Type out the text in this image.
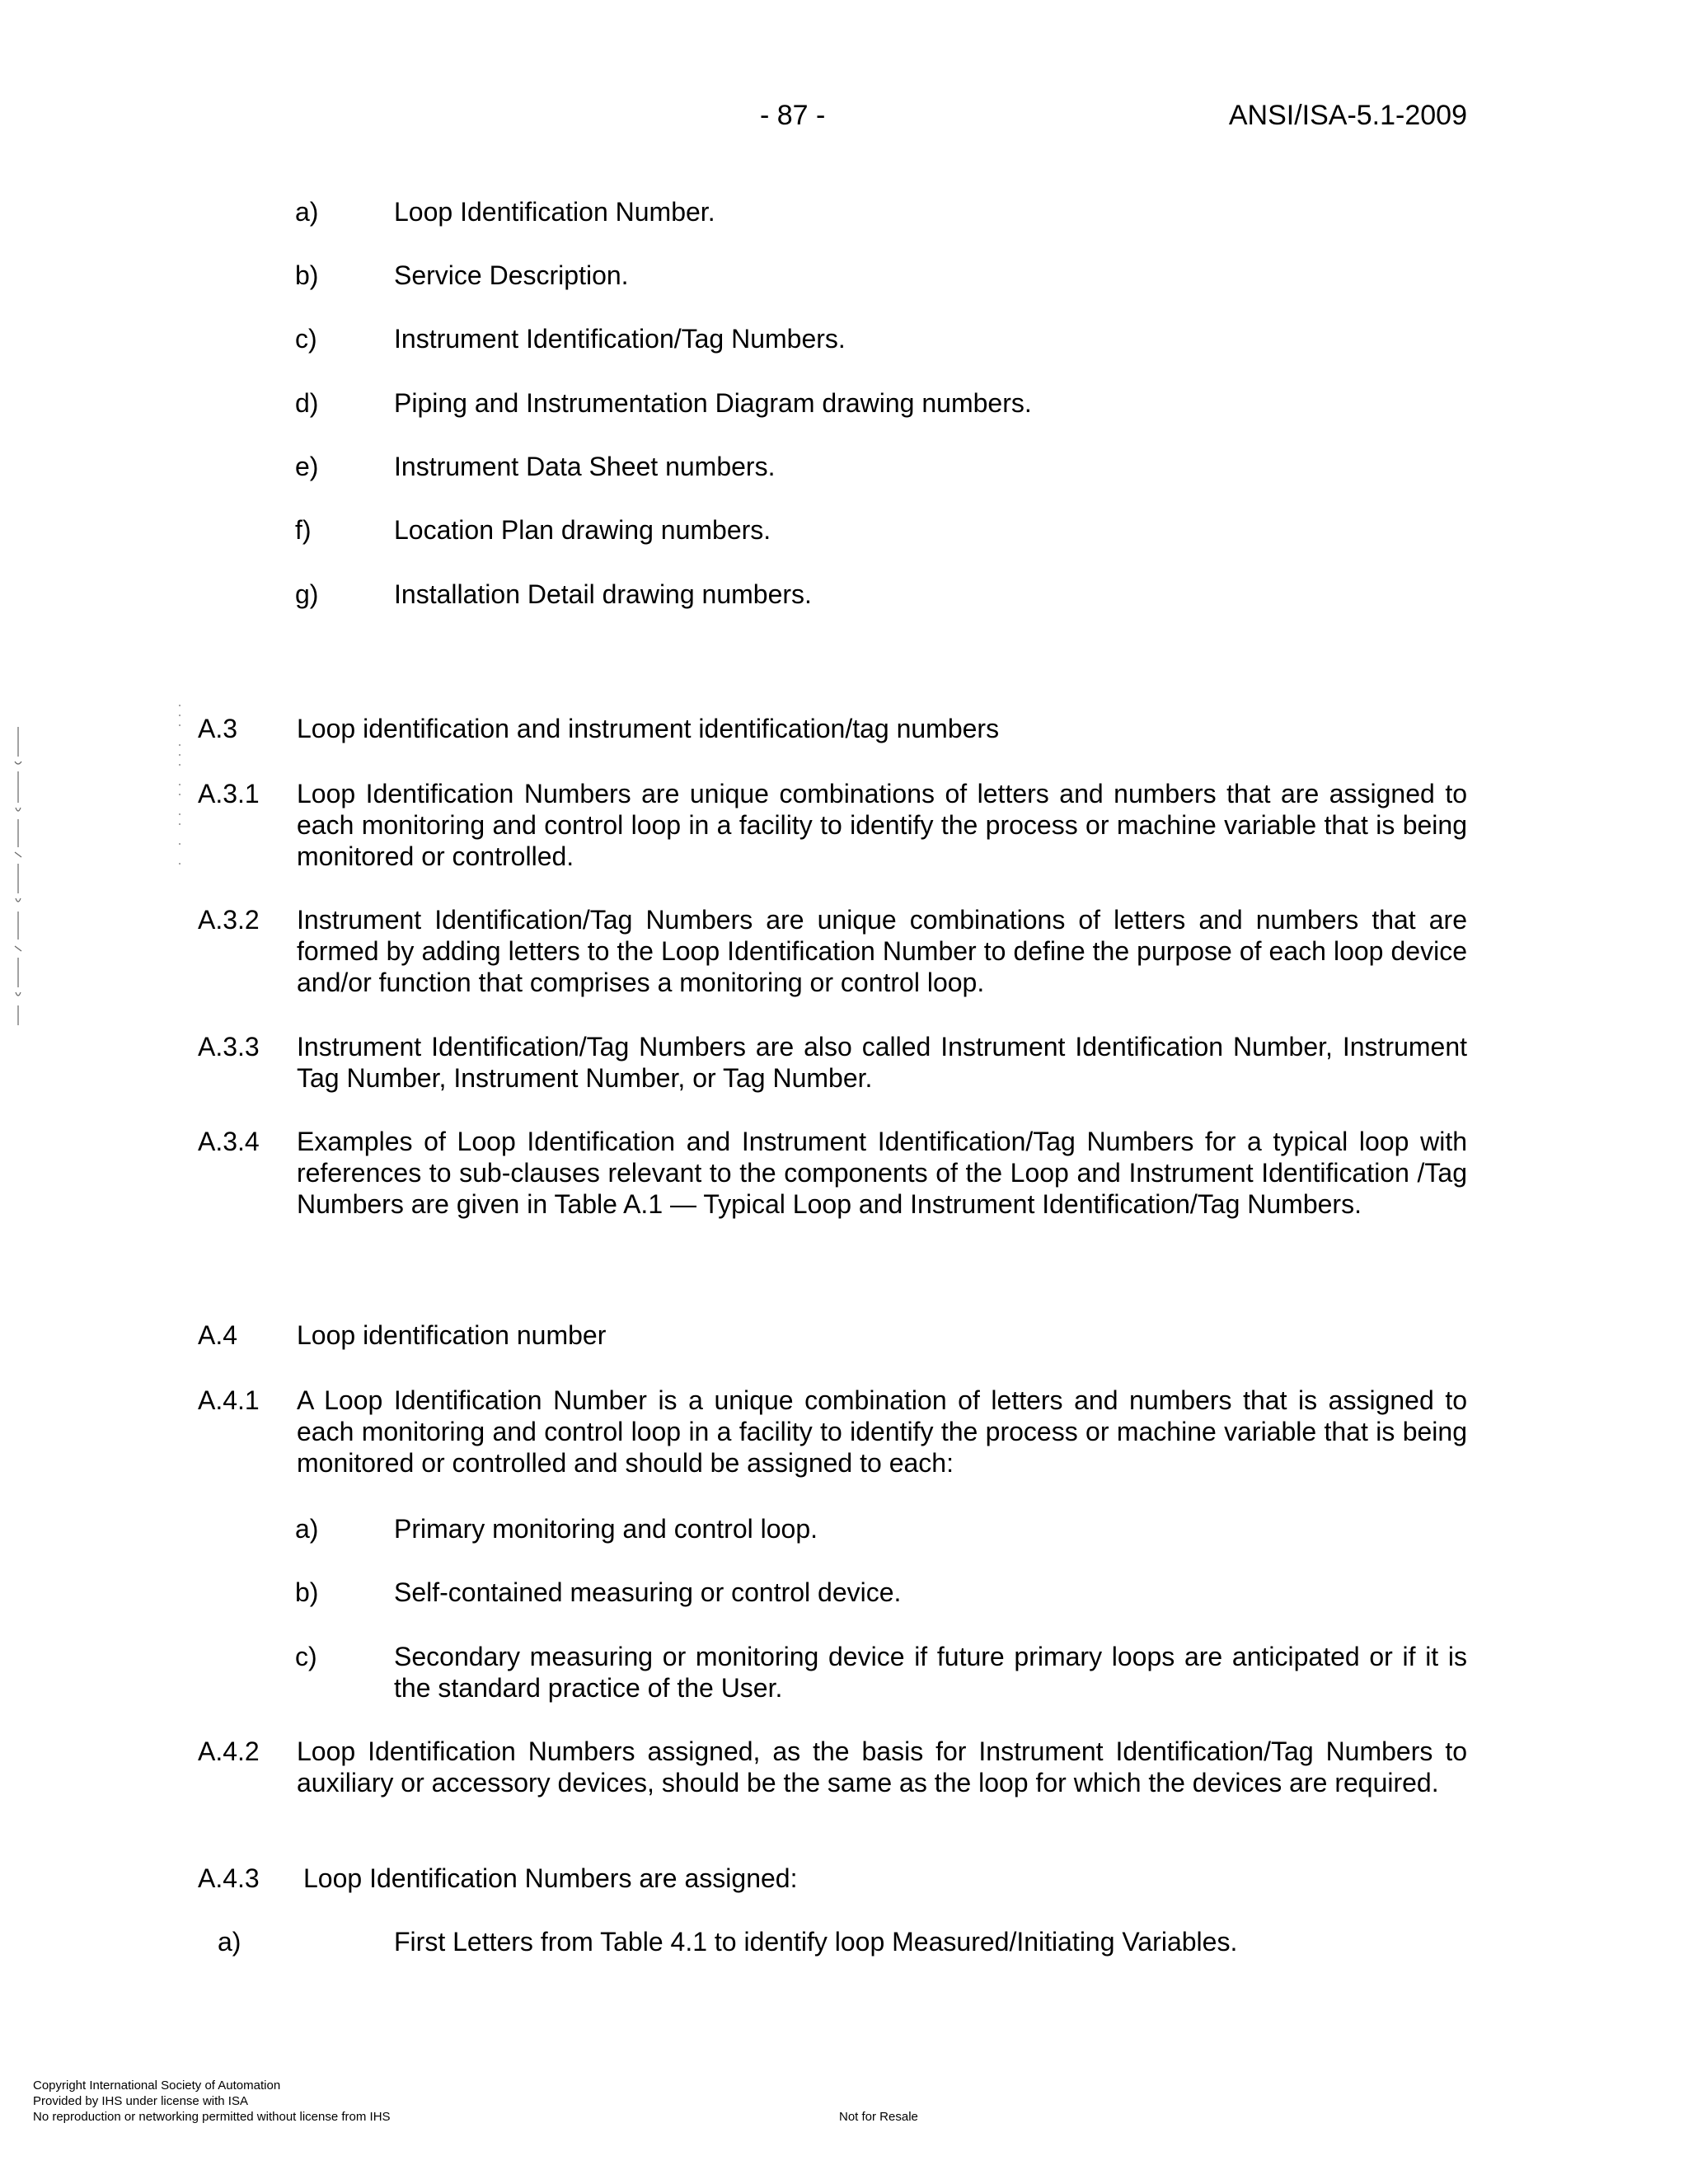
- 87 -	ANSI/ISA-5.1-2009
a)	Loop Identification Number.
b)	Service Description.
c)	Instrument Identification/Tag Numbers.
d)	Piping and Instrumentation Diagram drawing numbers.
e)	Instrument Data Sheet numbers.
f)	Location Plan drawing numbers.
g)	Installation Detail drawing numbers.
A.3 Loop identification and instrument identification/tag numbers
A.3.1 Loop Identification Numbers are unique combinations of letters and numbers that are assigned to each monitoring and control loop in a facility to identify the process or machine variable that is being monitored or controlled.
A.3.2 Instrument Identification/Tag Numbers are unique combinations of letters and numbers that are formed by adding letters to the Loop Identification Number to define the purpose of each loop device and/or function that comprises a monitoring or control loop.
A.3.3 Instrument Identification/Tag Numbers are also called Instrument Identification Number, Instrument Tag Number, Instrument Number, or Tag Number.
A.3.4 Examples of Loop Identification and Instrument Identification/Tag Numbers for a typical loop with references to sub-clauses relevant to the components of the Loop and Instrument Identification /Tag Numbers are given in Table A.1 — Typical Loop and Instrument Identification/Tag Numbers.
A.4 Loop identification number
A.4.1 A Loop Identification Number is a unique combination of letters and numbers that is assigned to each monitoring and control loop in a facility to identify the process or machine variable that is being monitored or controlled and should be assigned to each:
a)	Primary monitoring and control loop.
b)	Self-contained measuring or control device.
c)	Secondary measuring or monitoring device if future primary loops are anticipated or if it is the standard practice of the User.
A.4.2 Loop Identification Numbers assigned, as the basis for Instrument Identification/Tag Numbers to auxiliary or accessory devices, should be the same as the loop for which the devices are required.
A.4.3 Loop Identification Numbers are assigned:
a)	First Letters from Table 4.1 to identify loop Measured/Initiating Variables.
Copyright International Society of Automation
Provided by IHS under license with ISA
No reproduction or networking permitted without license from IHS	Not for Resale
